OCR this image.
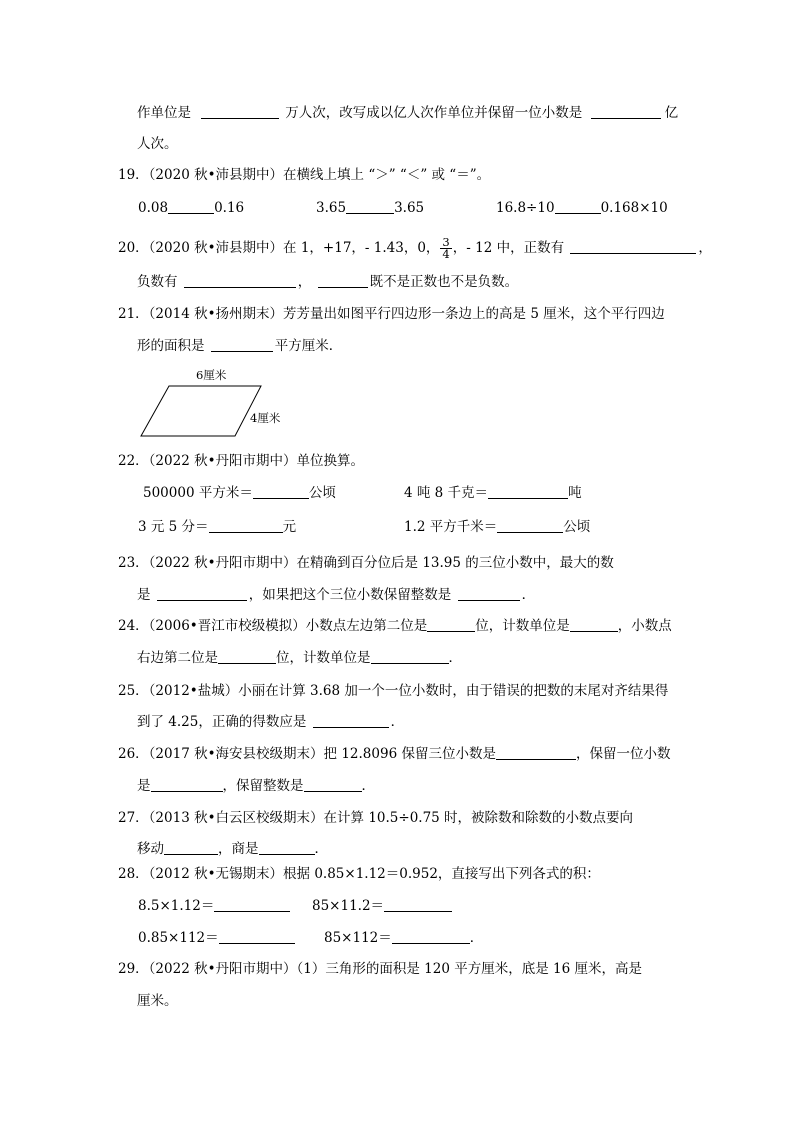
作单位是	万人次，改写成以亿人次作单位并保留一位小数是	亿
人次。
19．（2020 秋•沛县期中）在横线上填上 “＞” “＜” 或 “＝”。
0.08	0.16	3.65	3.65	16.8÷10	0.168×10
20．（2020 秋•沛县期中）在 1，+17，- 1.43，0， $\frac{3}{4}$ ，- 12 中，正数有	，
负数有	，	既不是正数也不是负数。
21．（2014 秋•扬州期末）芳芳量出如图平行四边形一条边上的高是 5 厘米，这个平行四边
形的面积是	平方厘米．
6厘米
4厘米
22．（2022 秋•丹阳市期中）单位换算。
500000 平方米＝	公顷	4 吨 8 千克＝	吨
3 元 5 分＝	元	1.2 平方千米＝	公顷
23．（2022 秋•丹阳市期中）在精确到百分位后是 13.95 的三位小数中，最大的数
是	，如果把这个三位小数保留整数是	．
24．（2006•晋江市校级模拟）小数点左边第二位是	位，计数单位是	，小数点
右边第二位是	位，计数单位是	．
25．（2012•盐城）小丽在计算 3.68 加一个一位小数时，由于错误的把数的末尾对齐结果得
到了 4.25，正确的得数应是	．
26．（2017 秋•海安县校级期末）把 12.8096 保留三位小数是	，保留一位小数
是	，保留整数是	．
27．（2013 秋•白云区校级期末）在计算 10.5÷0.75 时，被除数和除数的小数点要向
移动	，商是	．
28．（2012 秋•无锡期末）根据 0.85×1.12＝0.952，直接写出下列各式的积：
8.5×1.12＝	85×11.2＝
0.85×112＝	85×112＝	．
29．（2022 秋•丹阳市期中）（1）三角形的面积是 120 平方厘米，底是 16 厘米，高是
厘米。
